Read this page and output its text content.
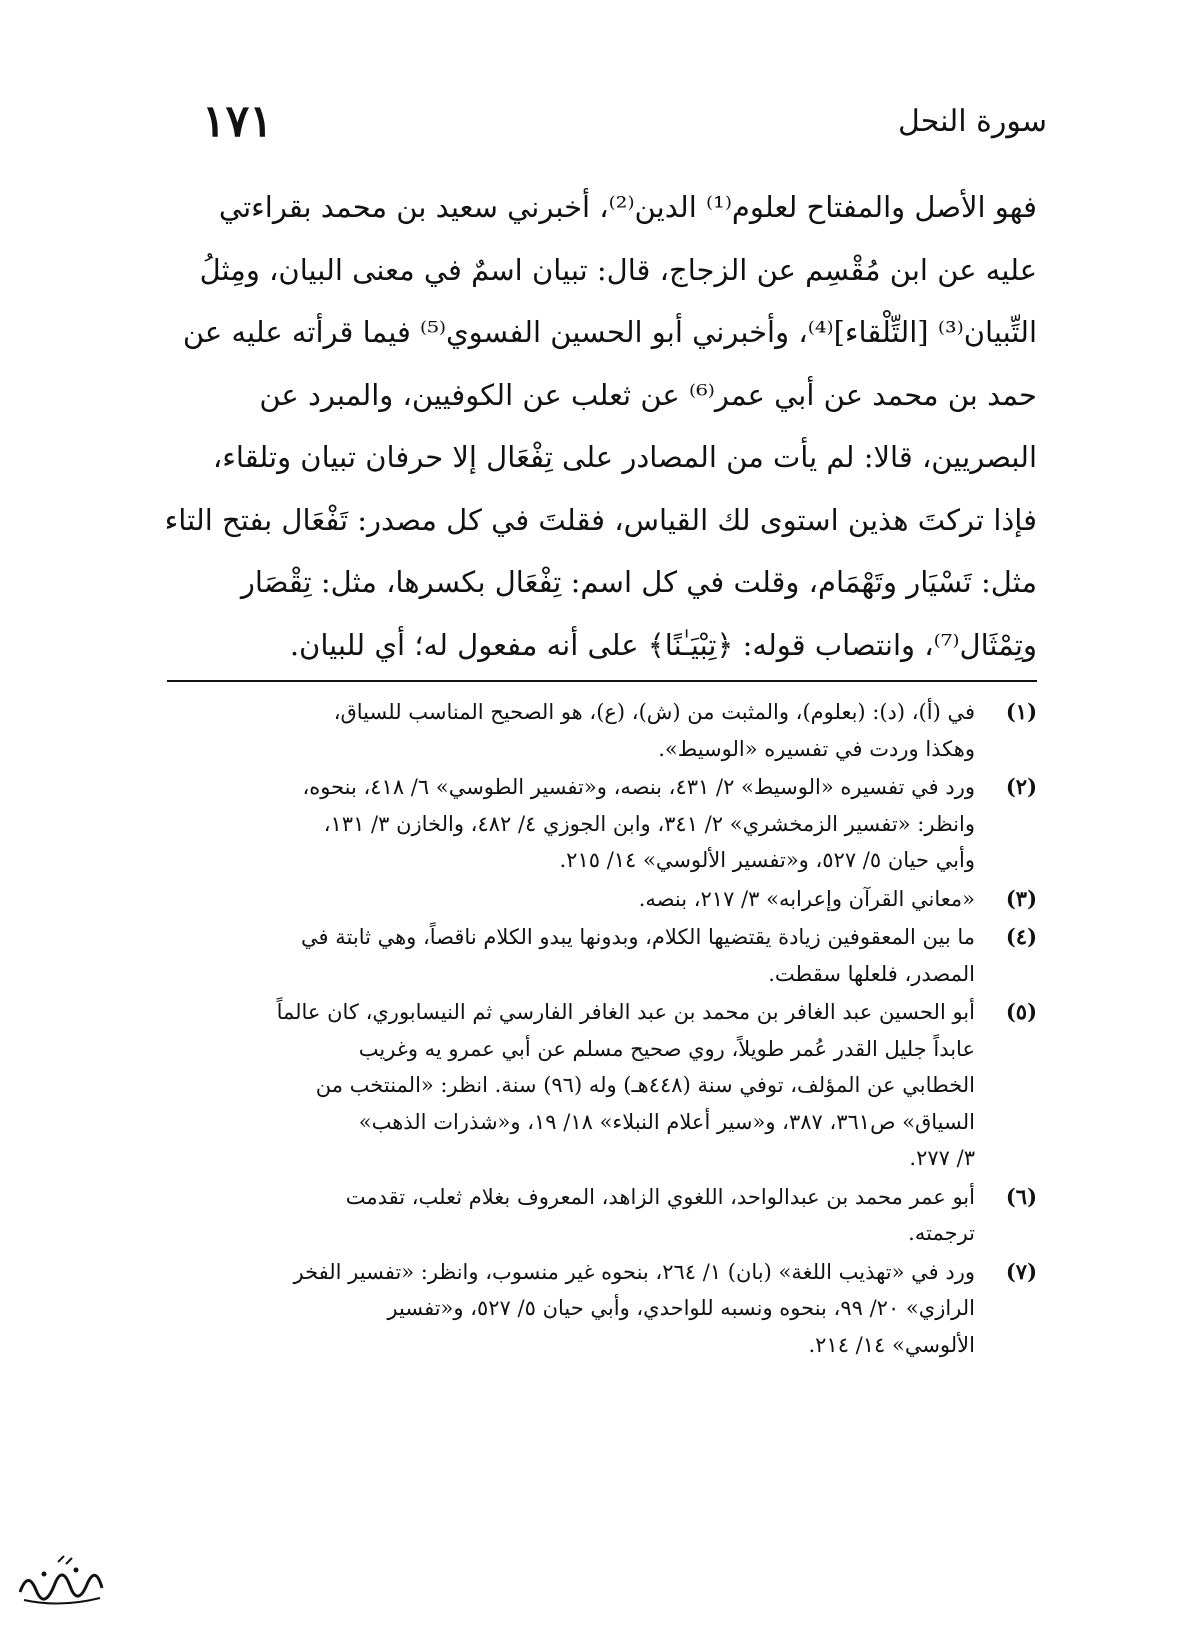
سورة النحل
١٧١
فهو الأصل والمفتاح لعلوم⁽¹⁾ الدين⁽²⁾، أخبرني سعيد بن محمد بقراءتي
عليه عن ابن مُقْسِم عن الزجاج، قال: تبيان اسمٌ في معنى البيان، ومِثلُ
التِّبيان⁽³⁾ [التِّلْقاء]⁽⁴⁾، وأخبرني أبو الحسين الفسوي⁽⁵⁾ فيما قرأته عليه عن
حمد بن محمد عن أبي عمر⁽⁶⁾ عن ثعلب عن الكوفيين، والمبرد عن
البصريين، قالا: لم يأت من المصادر على تِفْعَال إلا حرفان تبيان وتلقاء،
فإذا تركتَ هذين استوى لك القياس، فقلتَ في كل مصدر: تَفْعَال بفتح التاء
مثل: تَسْيَار وتَهْمَام، وقلت في كل اسم: تِفْعَال بكسرها، مثل: تِقْصَار
وتِمْثَال⁽⁷⁾، وانتصاب قوله: ﴿تِبْيَـٰنًا﴾ على أنه مفعول له؛ أي للبيان.
(١)
في (أ)، (د): (بعلوم)، والمثبت من (ش)، (ع)، هو الصحيح المناسب للسياق،
وهكذا وردت في تفسيره «الوسيط».
(٢)
ورد في تفسيره «الوسيط» ٢/ ٤٣١، بنصه، و«تفسير الطوسي» ٦/ ٤١٨، بنحوه،
وانظر: «تفسير الزمخشري» ٢/ ٣٤١، وابن الجوزي ٤/ ٤٨٢، والخازن ٣/ ١٣١،
وأبي حيان ٥/ ٥٢٧، و«تفسير الألوسي» ١٤/ ٢١٥.
(٣)
«معاني القرآن وإعرابه» ٣/ ٢١٧، بنصه.
(٤)
ما بين المعقوفين زيادة يقتضيها الكلام، وبدونها يبدو الكلام ناقصاً، وهي ثابتة في
المصدر، فلعلها سقطت.
(٥)
أبو الحسين عبد الغافر بن محمد بن عبد الغافر الفارسي ثم النيسابوري، كان عالماً
عابداً جليل القدر عُمر طويلاً، روي صحيح مسلم عن أبي عمرو يه وغريب
الخطابي عن المؤلف، توفي سنة (٤٤٨هـ) وله (٩٦) سنة. انظر: «المنتخب من
السياق» ص٣٦١، ٣٨٧، و«سير أعلام النبلاء» ١٨/ ١٩، و«شذرات الذهب»
٣/ ٢٧٧.
(٦)
أبو عمر محمد بن عبدالواحد، اللغوي الزاهد، المعروف بغلام ثعلب، تقدمت
ترجمته.
(٧)
ورد في «تهذيب اللغة» (بان) ١/ ٢٦٤، بنحوه غير منسوب، وانظر: «تفسير الفخر
الرازي» ٢٠/ ٩٩، بنحوه ونسبه للواحدي، وأبي حيان ٥/ ٥٢٧، و«تفسير
الألوسي» ١٤/ ٢١٤.
